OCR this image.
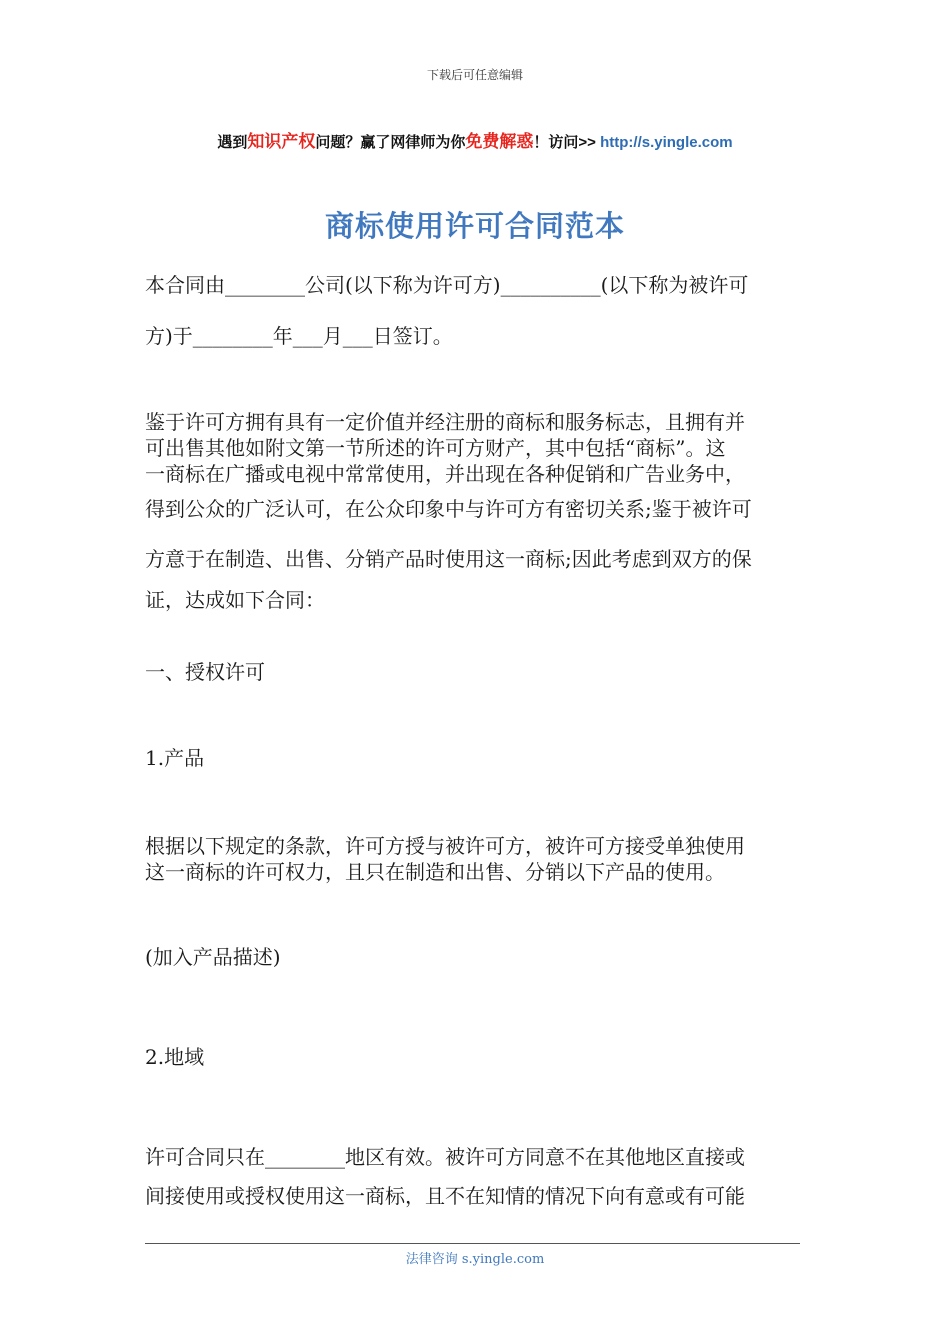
下载后可任意编辑
遇到知识产权问题？赢了网律师为你免费解惑！访问>> http://s.yingle.com
商标使用许可合同范本
本合同由________公司(以下称为许可方)__________(以下称为被许可
方)于________年___月___日签订。
鉴于许可方拥有具有一定价值并经注册的商标和服务标志，且拥有并
可出售其他如附文第一节所述的许可方财产，其中包括“商标”。这
一商标在广播或电视中常常使用，并出现在各种促销和广告业务中，
得到公众的广泛认可，在公众印象中与许可方有密切关系;鉴于被许可
方意于在制造、出售、分销产品时使用这一商标;因此考虑到双方的保
证，达成如下合同：
一、授权许可
1.产品
根据以下规定的条款，许可方授与被许可方，被许可方接受单独使用
这一商标的许可权力，且只在制造和出售、分销以下产品的使用。
(加入产品描述)
2.地域
许可合同只在________地区有效。被许可方同意不在其他地区直接或
间接使用或授权使用这一商标，且不在知情的情况下向有意或有可能
法律咨询 s.yingle.com
